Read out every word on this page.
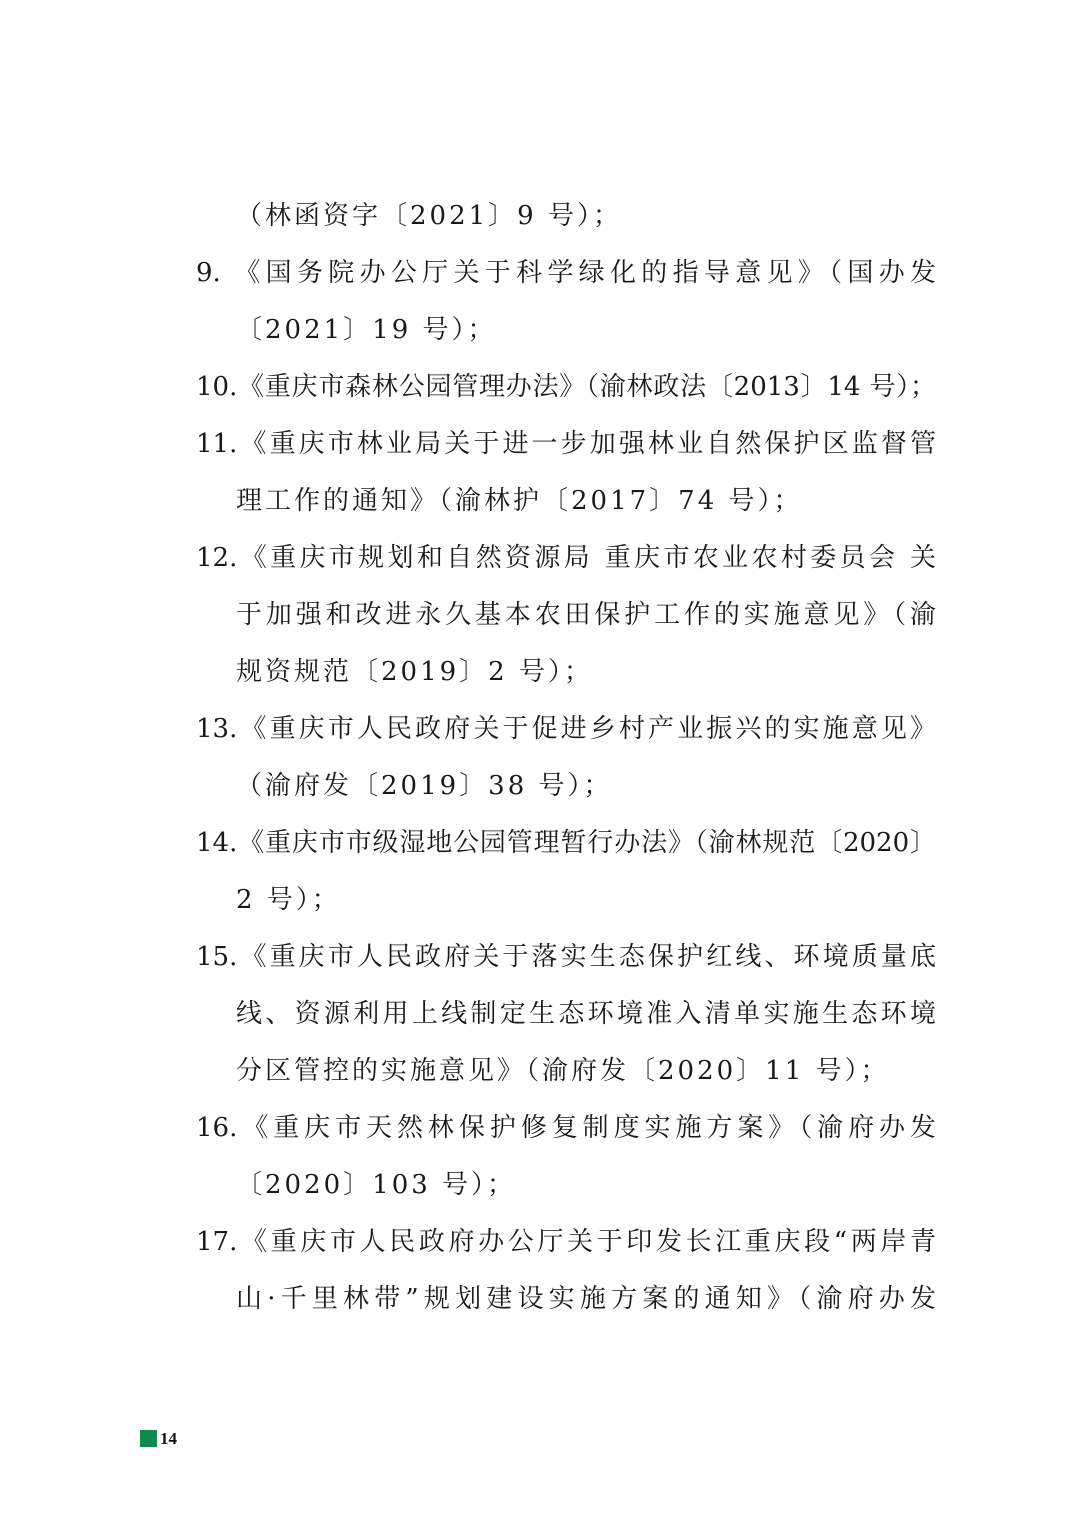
（林函资字〔2021〕9 号）；
9. 《国务院办公厅关于科学绿化的指导意见》（国办发
〔2021〕19 号）；
10.《重庆市森林公园管理办法》（渝林政法〔2013〕14 号）；
11.《重庆市林业局关于进一步加强林业自然保护区监督管
理工作的通知》（渝林护〔2017〕74 号）；
12.《重庆市规划和自然资源局 重庆市农业农村委员会 关
于加强和改进永久基本农田保护工作的实施意见》（渝
规资规范〔2019〕2 号）；
13.《重庆市人民政府关于促进乡村产业振兴的实施意见》
（渝府发〔2019〕38 号）；
14.《重庆市市级湿地公园管理暂行办法》（渝林规范〔2020〕
2 号）；
15.《重庆市人民政府关于落实生态保护红线、环境质量底
线、资源利用上线制定生态环境准入清单实施生态环境
分区管控的实施意见》（渝府发〔2020〕11 号）；
16.《重庆市天然林保护修复制度实施方案》（渝府办发
〔2020〕103 号）；
17.《重庆市人民政府办公厅关于印发长江重庆段“两岸青
山·千里林带”规划建设实施方案的通知》（渝府办发
14
